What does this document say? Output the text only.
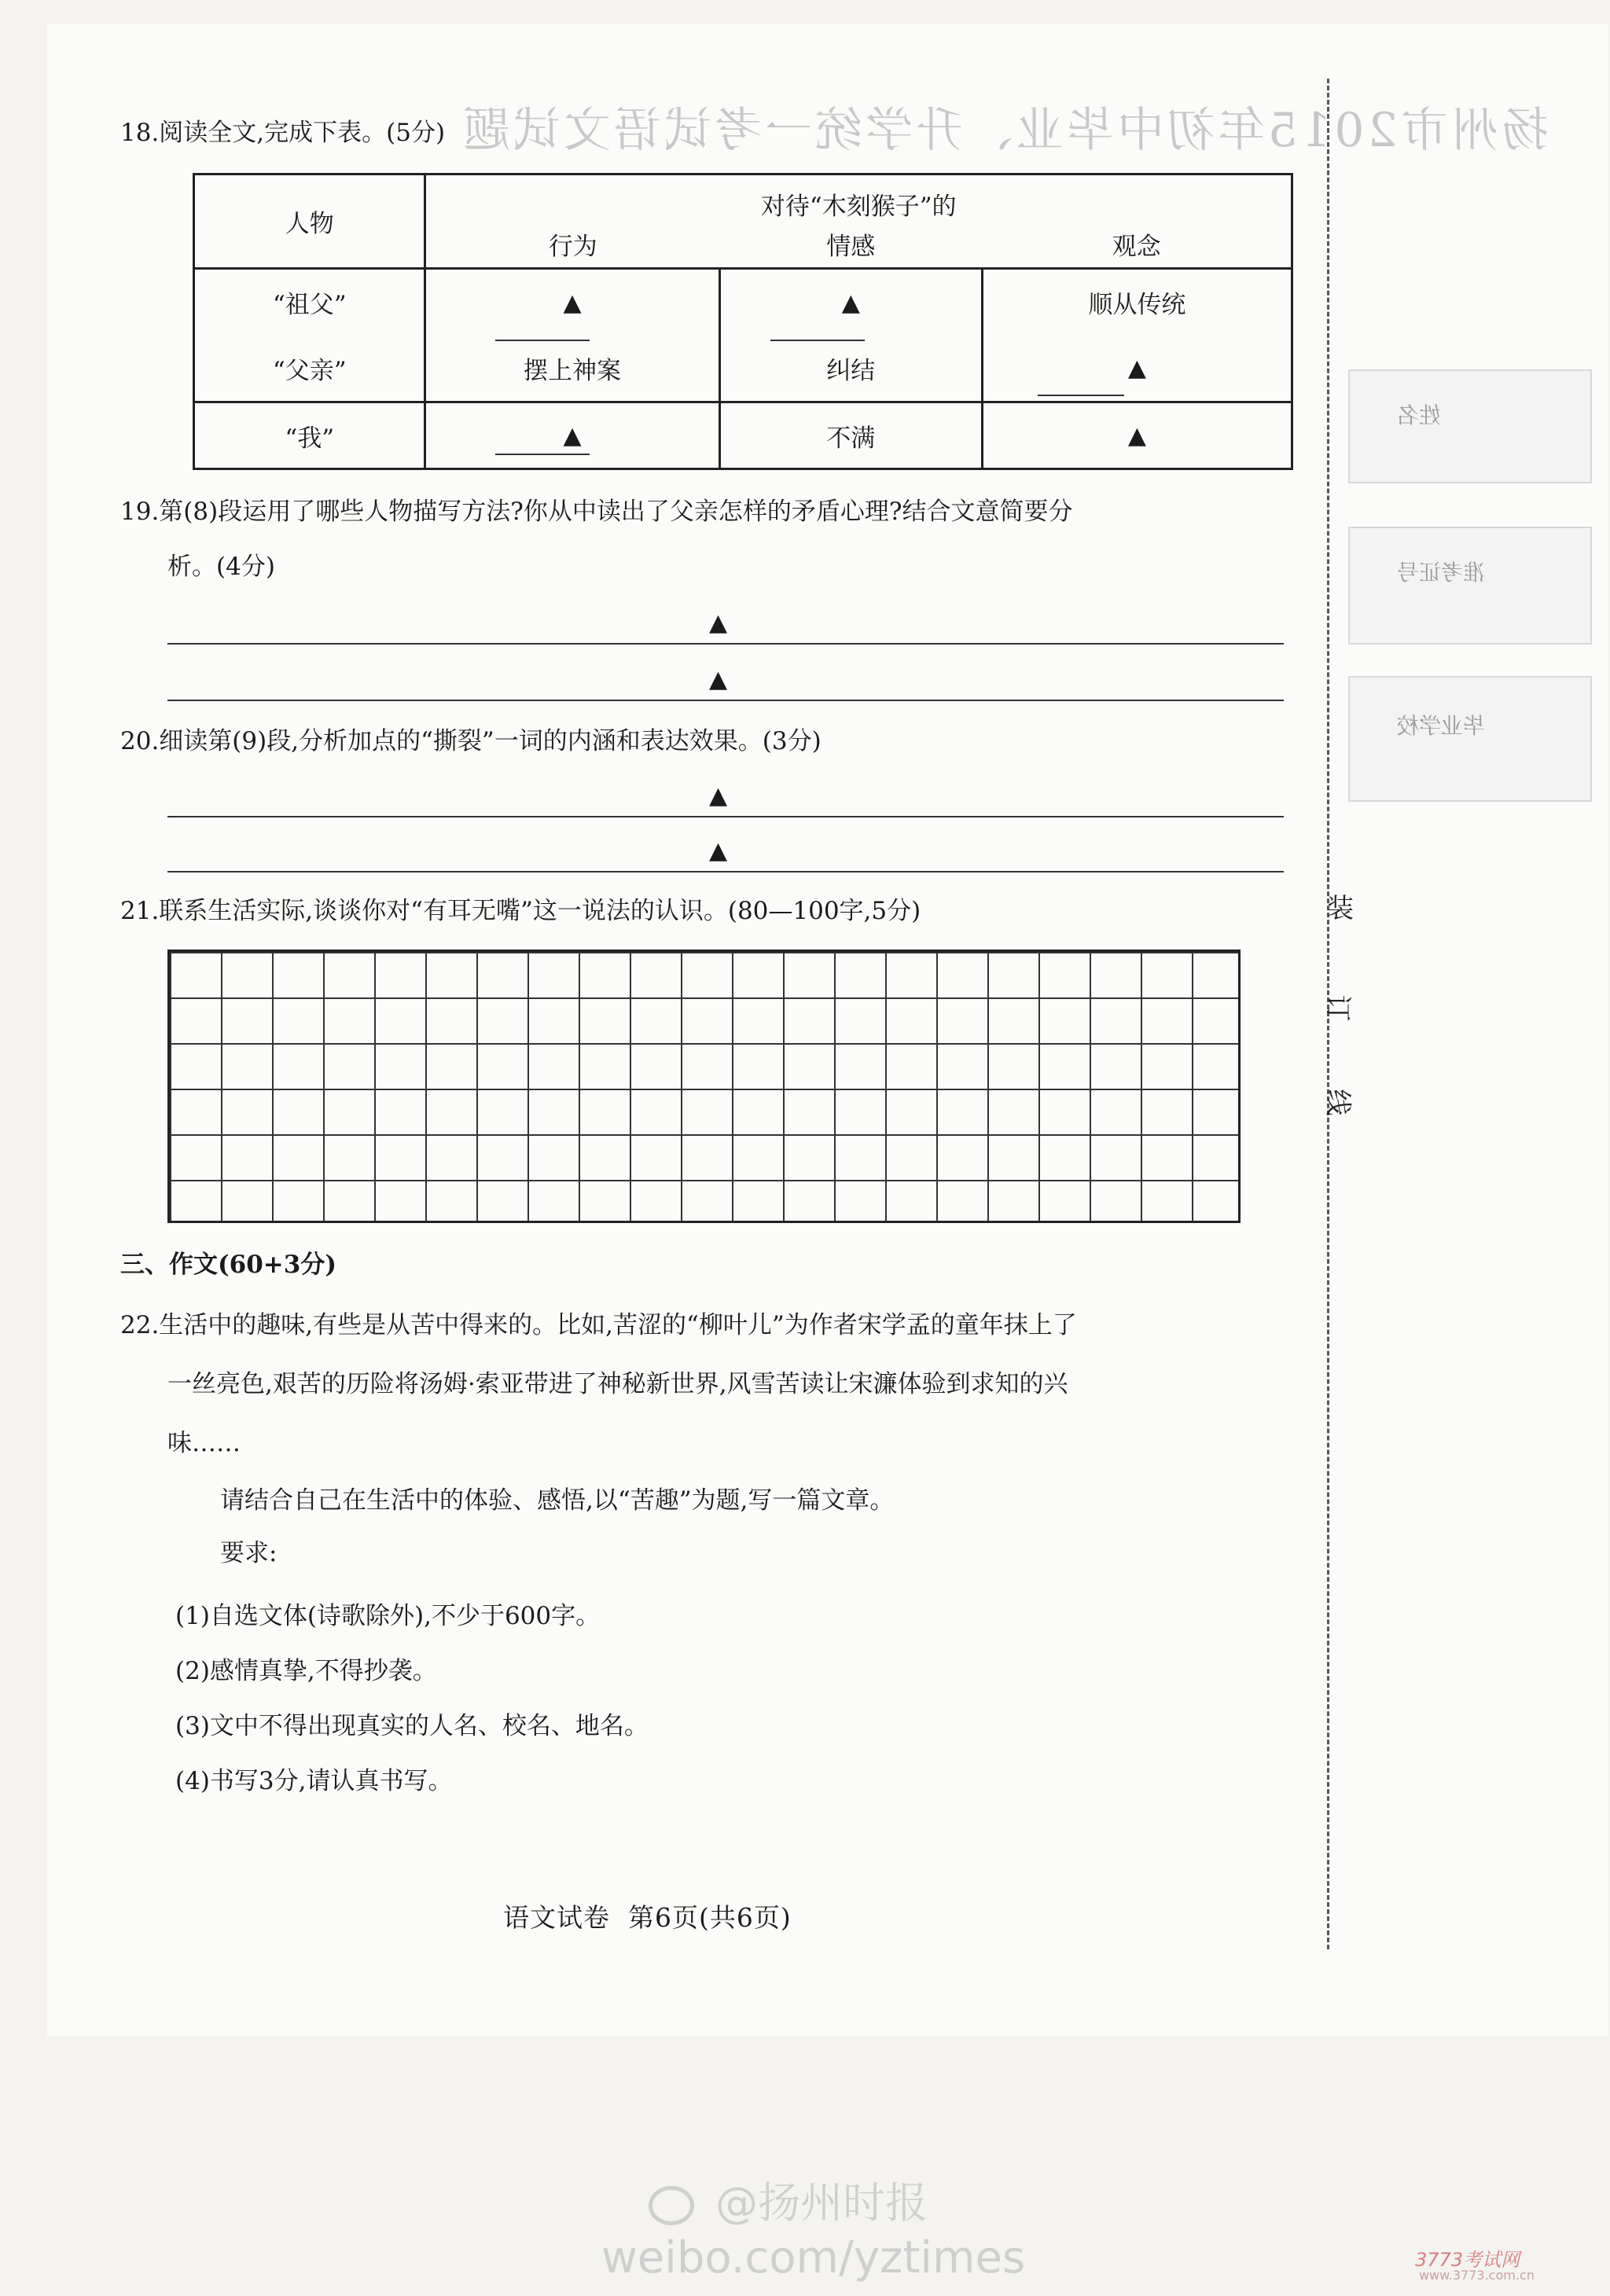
扬州市2015年初中毕业、升学统一考试语文试题
18.阅读全文,完成下表。(5分)
人物	对待“木刻猴子”的		
	行为	情感	观念
“祖父”	▲	▲	顺从传统
“父亲”	摆上神案	纠结	▲
“我”	▲	不满	▲
19.第(8)段运用了哪些人物描写方法?你从中读出了父亲怎样的矛盾心理?结合文意简要分
析。(4分)
▲
▲
20.细读第(9)段,分析加点的“撕裂”一词的内涵和表达效果。(3分)
▲
▲
21.联系生活实际,谈谈你对“有耳无嘴”这一说法的认识。(80—100字,5分)
三、作文(60+3分)
22.生活中的趣味,有些是从苦中得来的。比如,苦涩的“柳叶儿”为作者宋学孟的童年抹上了
一丝亮色,艰苦的历险将汤姆·索亚带进了神秘新世界,风雪苦读让宋濂体验到求知的兴
味……
请结合自己在生活中的体验、感悟,以“苦趣”为题,写一篇文章。
要求:
(1)自选文体(诗歌除外),不少于600字。
(2)感情真挚,不得抄袭。
(3)文中不得出现真实的人名、校名、地名。
(4)书写3分,请认真书写。
语文试卷  第6页(共6页)
姓名
准考证号
毕业学校
装
订
线
@扬州时报
weibo.com/yztimes	3773考试网
www.3773.com.cn
